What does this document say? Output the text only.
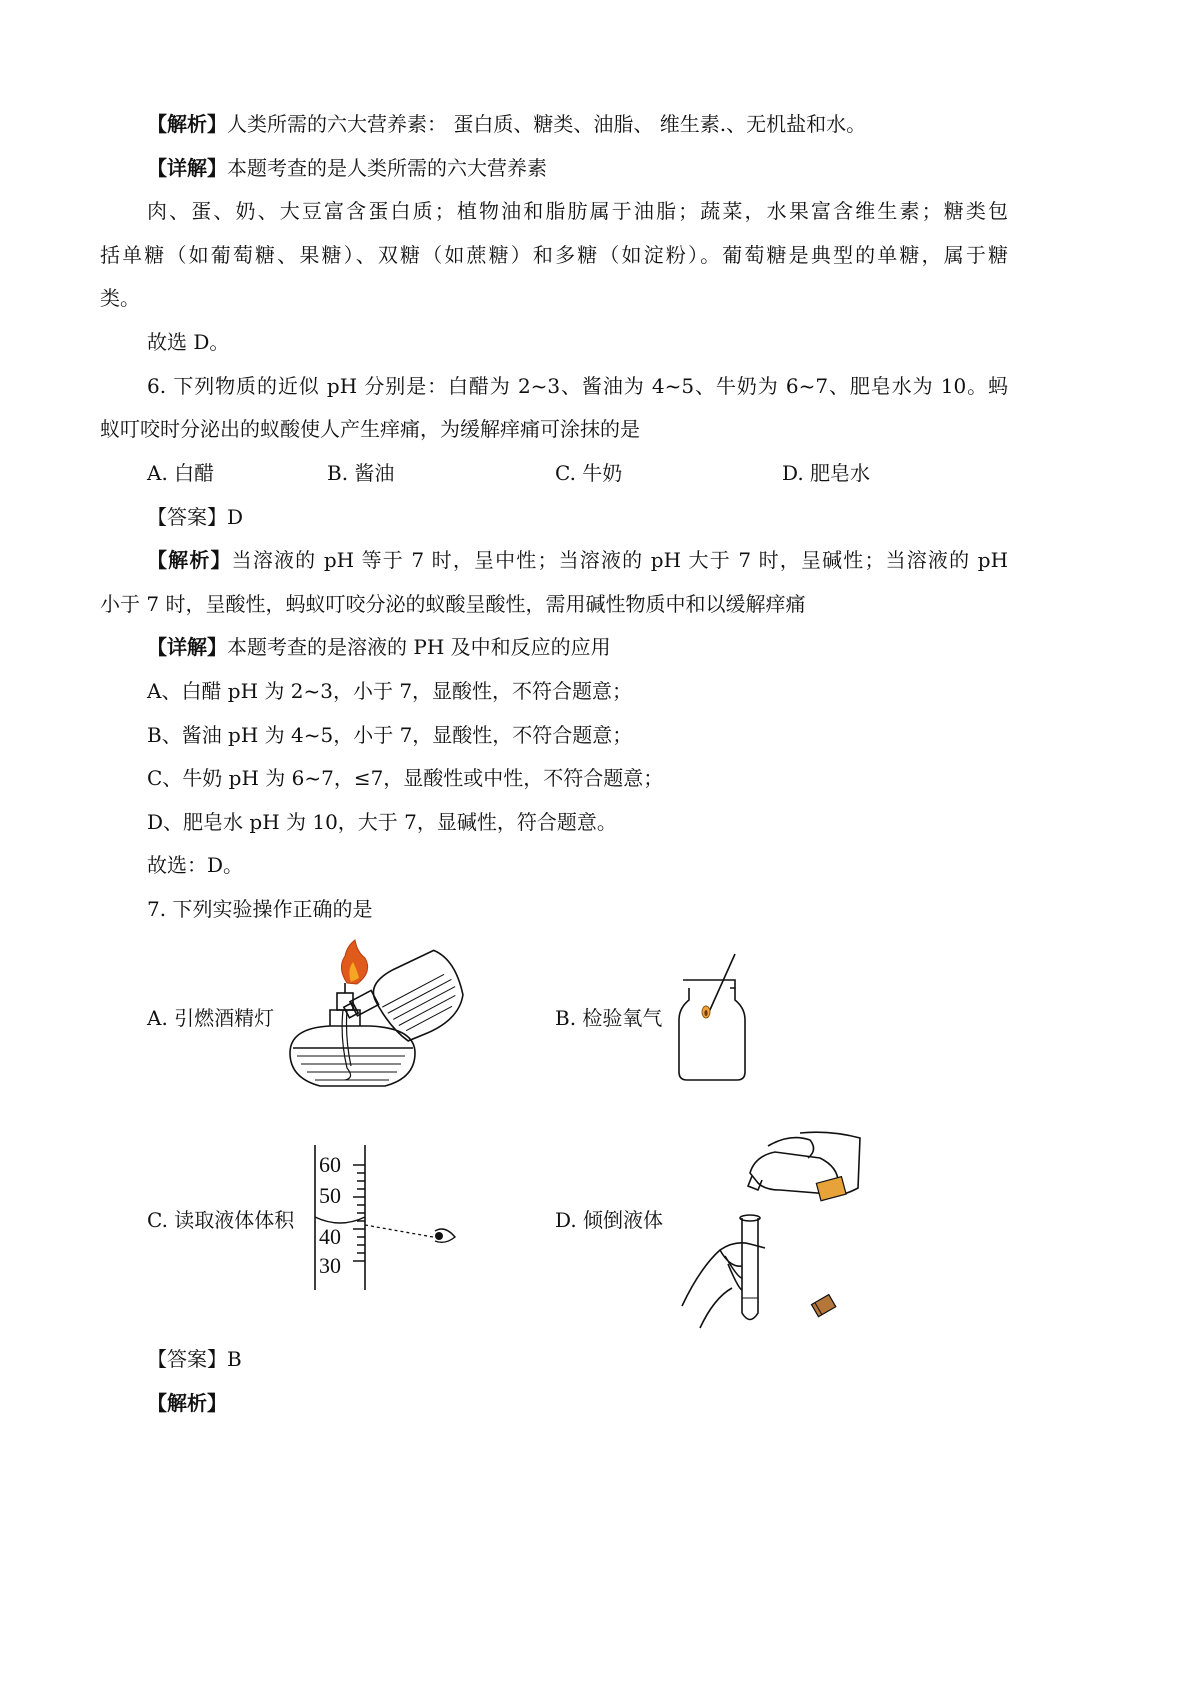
【解析】人类所需的六大营养素： 蛋白质、糖类、油脂、 维生素.、无机盐和水。
【详解】本题考查的是人类所需的六大营养素
肉、蛋、奶、大豆富含蛋白质；植物油和脂肪属于油脂；蔬菜，水果富含维生素；糖类包
括单糖（如葡萄糖、果糖）、双糖（如蔗糖）和多糖（如淀粉）。葡萄糖是典型的单糖，属于糖
类。
故选 D。
6. 下列物质的近似 pH 分别是：白醋为 2~3、酱油为 4~5、牛奶为 6~7、肥皂水为 10。蚂
蚁叮咬时分泌出的蚁酸使人产生痒痛，为缓解痒痛可涂抹的是
A. 白醋	B. 酱油	C. 牛奶	D. 肥皂水
【答案】D
【解析】当溶液的 pH 等于 7 时，呈中性；当溶液的 pH 大于 7 时，呈碱性；当溶液的 pH
小于 7 时，呈酸性，蚂蚁叮咬分泌的蚁酸呈酸性，需用碱性物质中和以缓解痒痛
【详解】本题考查的是溶液的 PH 及中和反应的应用
A、白醋 pH 为 2~3，小于 7，显酸性，不符合题意；
B、酱油 pH 为 4~5，小于 7，显酸性，不符合题意；
C、牛奶 pH 为 6~7，≤7，显酸性或中性，不符合题意；
D、肥皂水 pH 为 10，大于 7，显碱性，符合题意。
故选：D。
7. 下列实验操作正确的是
A. 引燃酒精灯	B. 检验氧气
C. 读取液体体积	D. 倾倒液体
60
50
40
30
【答案】B
【解析】
